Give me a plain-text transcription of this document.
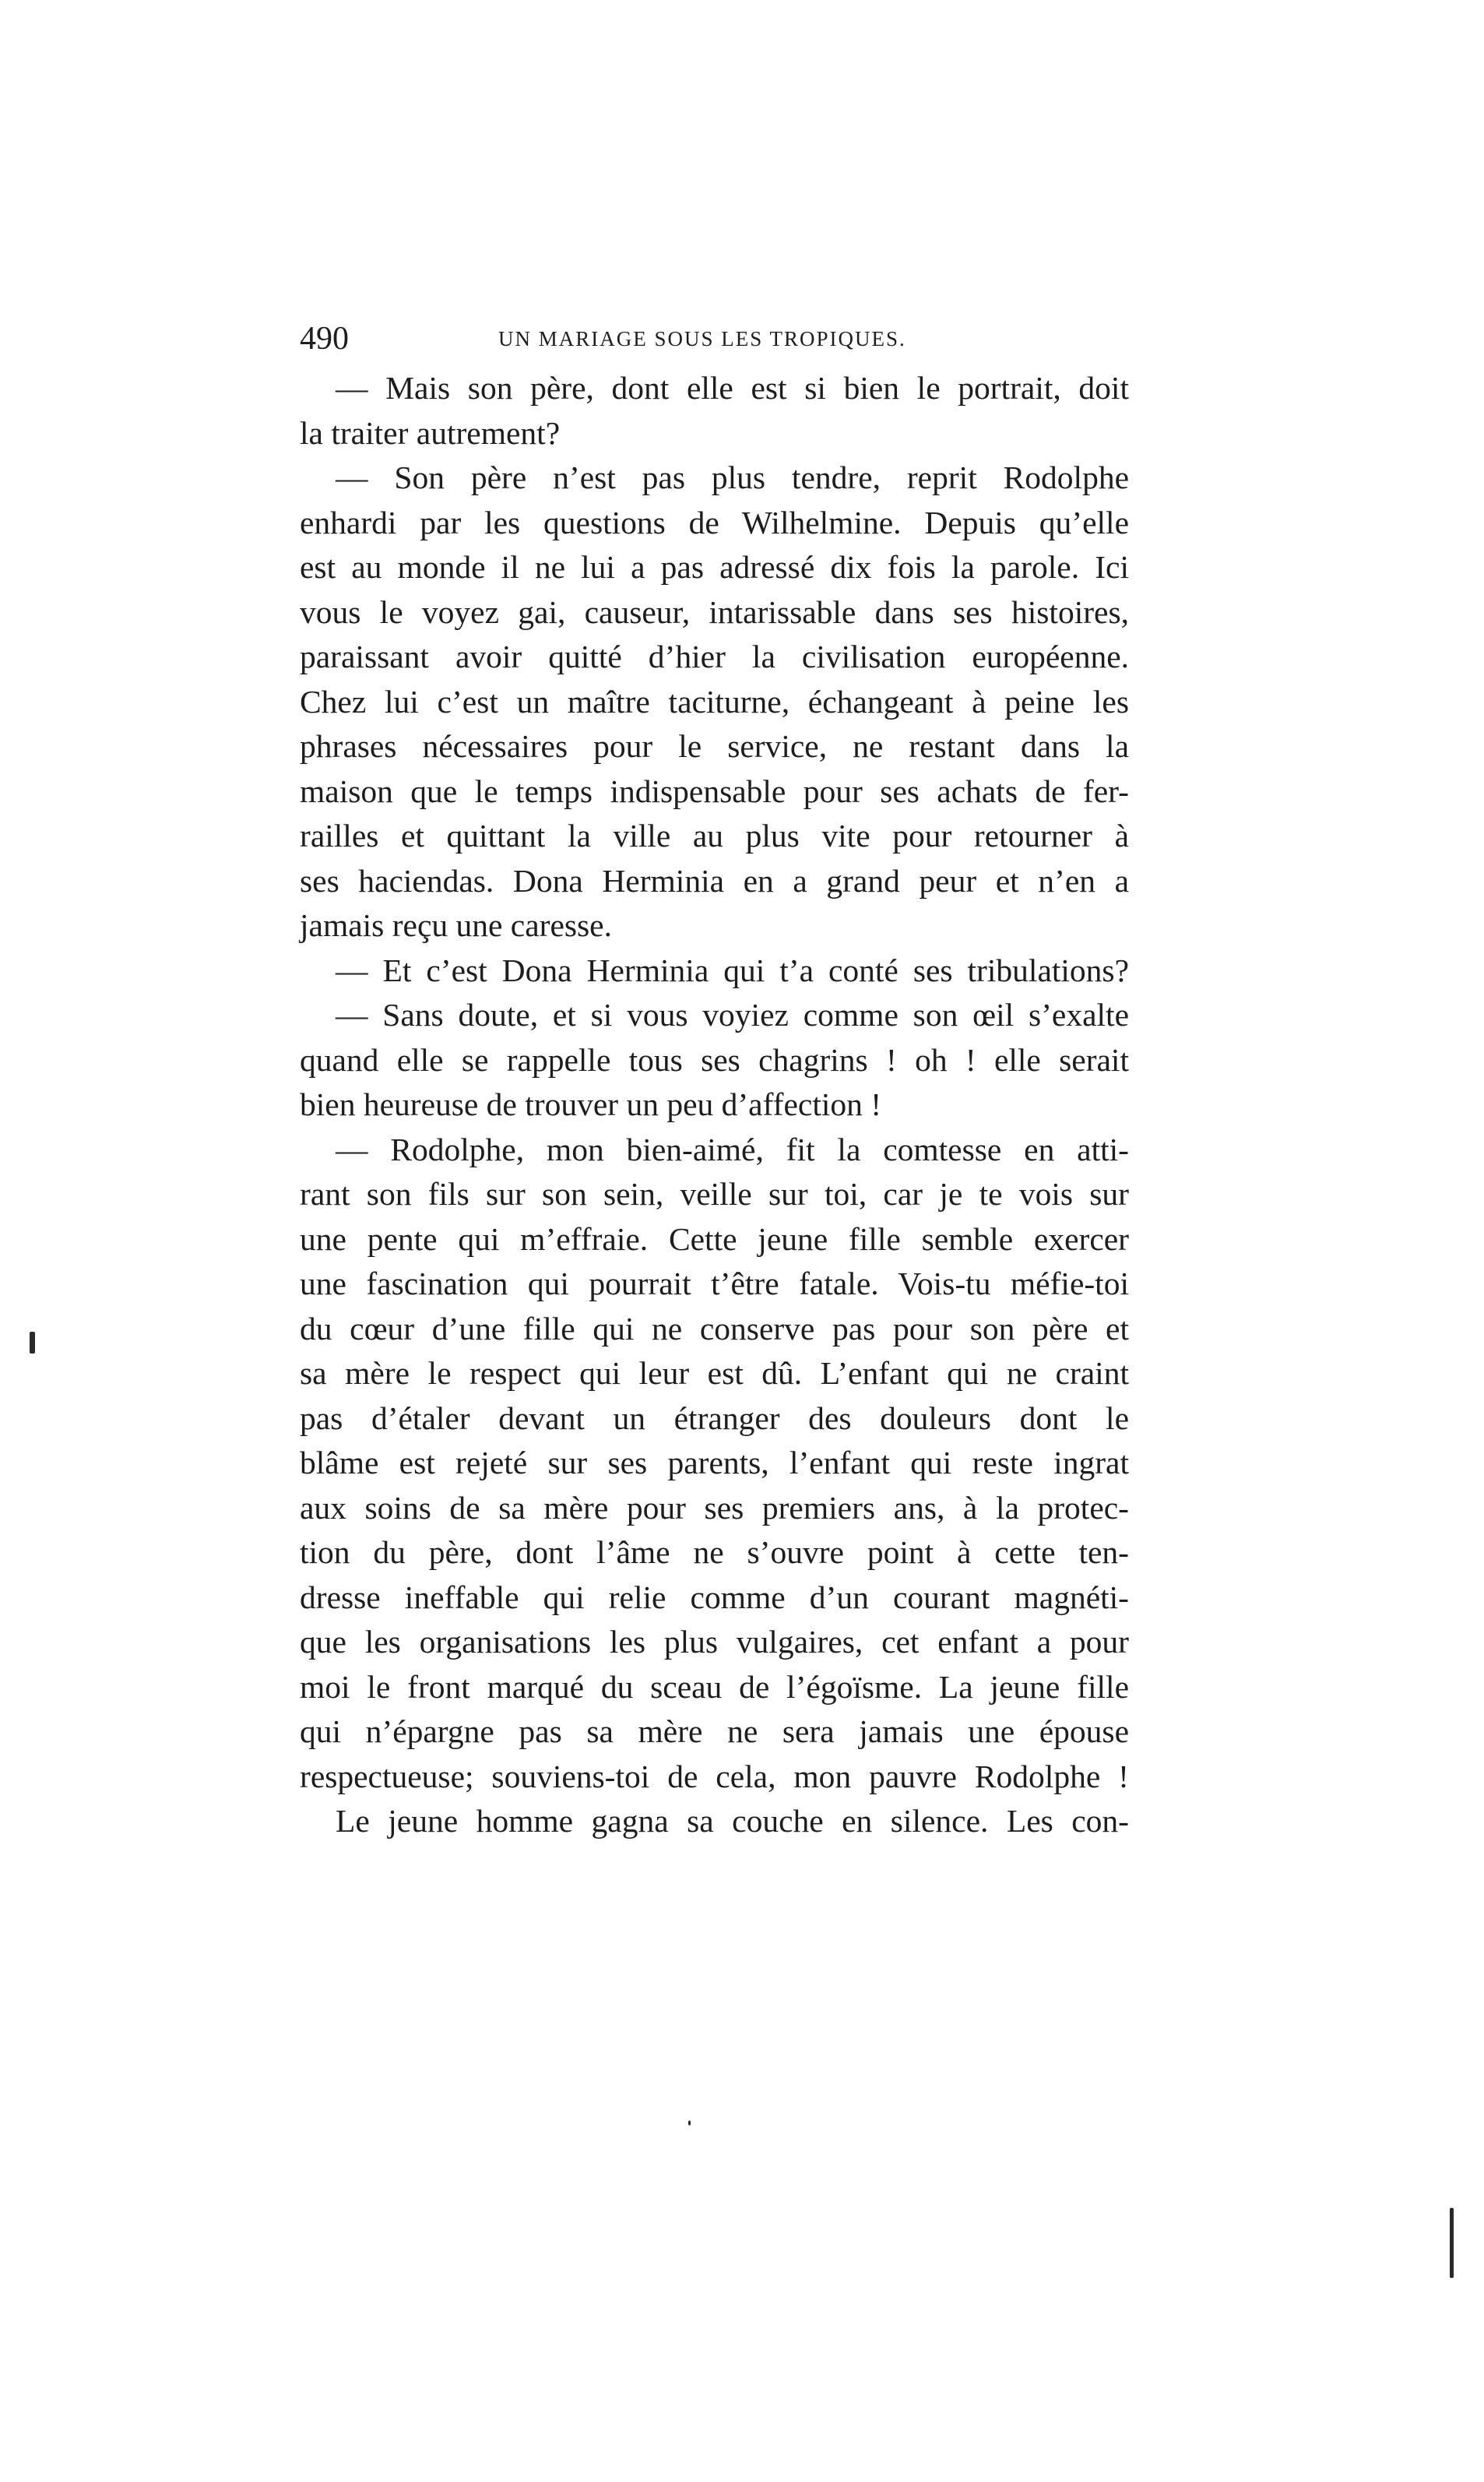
490	UN MARIAGE SOUS LES TROPIQUES.
— Mais son père, dont elle est si bien le portrait, doit
la traiter autrement?
— Son père n’est pas plus tendre, reprit Rodolphe
enhardi par les questions de Wilhelmine. Depuis qu’elle
est au monde il ne lui a pas adressé dix fois la parole. Ici
vous le voyez gai, causeur, intarissable dans ses histoires,
paraissant avoir quitté d’hier la civilisation européenne.
Chez lui c’est un maître taciturne, échangeant à peine les
phrases nécessaires pour le service, ne restant dans la
maison que le temps indispensable pour ses achats de fer-
railles et quittant la ville au plus vite pour retourner à
ses haciendas. Dona Herminia en a grand peur et n’en a
jamais reçu une caresse.
— Et c’est Dona Herminia qui t’a conté ses tribulations?
— Sans doute, et si vous voyiez comme son œil s’exalte
quand elle se rappelle tous ses chagrins ! oh ! elle serait
bien heureuse de trouver un peu d’affection !
— Rodolphe, mon bien-aimé, fit la comtesse en atti-
rant son fils sur son sein, veille sur toi, car je te vois sur
une pente qui m’effraie. Cette jeune fille semble exercer
une fascination qui pourrait t’être fatale. Vois-tu méfie-toi
du cœur d’une fille qui ne conserve pas pour son père et
sa mère le respect qui leur est dû. L’enfant qui ne craint
pas d’étaler devant un étranger des douleurs dont le
blâme est rejeté sur ses parents, l’enfant qui reste ingrat
aux soins de sa mère pour ses premiers ans, à la protec-
tion du père, dont l’âme ne s’ouvre point à cette ten-
dresse ineffable qui relie comme d’un courant magnéti-
que les organisations les plus vulgaires, cet enfant a pour
moi le front marqué du sceau de l’égoïsme. La jeune fille
qui n’épargne pas sa mère ne sera jamais une épouse
respectueuse; souviens-toi de cela, mon pauvre Rodolphe !
Le jeune homme gagna sa couche en silence. Les con-
